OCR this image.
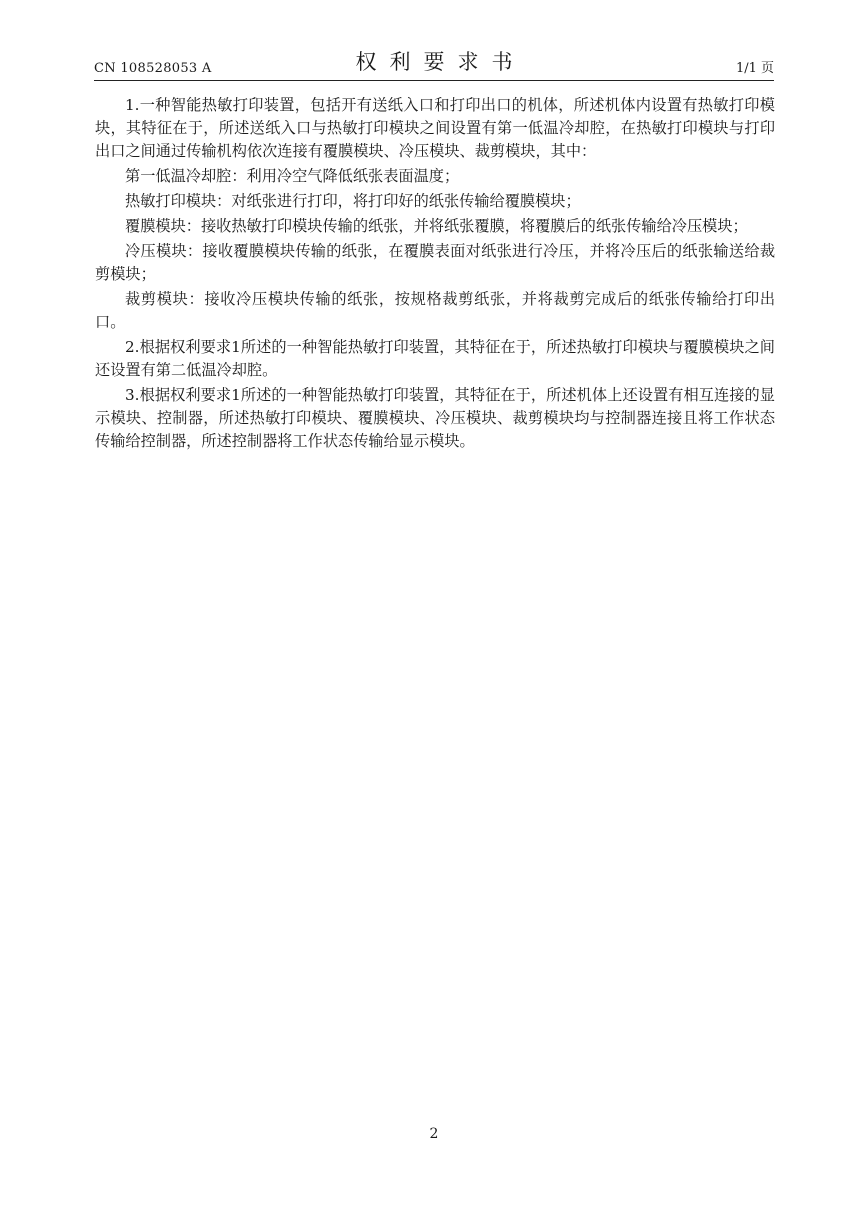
CN 108528053 A	权利要求书	1/1 页

1.一种智能热敏打印装置，包括开有送纸入口和打印出口的机体，所述机体内设置有热敏打印模块，其特征在于，所述送纸入口与热敏打印模块之间设置有第一低温冷却腔，在热敏打印模块与打印出口之间通过传输机构依次连接有覆膜模块、冷压模块、裁剪模块，其中：

第一低温冷却腔：利用冷空气降低纸张表面温度；

热敏打印模块：对纸张进行打印，将打印好的纸张传输给覆膜模块；

覆膜模块：接收热敏打印模块传输的纸张，并将纸张覆膜，将覆膜后的纸张传输给冷压模块；

冷压模块：接收覆膜模块传输的纸张，在覆膜表面对纸张进行冷压，并将冷压后的纸张输送给裁剪模块；

裁剪模块：接收冷压模块传输的纸张，按规格裁剪纸张，并将裁剪完成后的纸张传输给打印出口。

2.根据权利要求1所述的一种智能热敏打印装置，其特征在于，所述热敏打印模块与覆膜模块之间还设置有第二低温冷却腔。

3.根据权利要求1所述的一种智能热敏打印装置，其特征在于，所述机体上还设置有相互连接的显示模块、控制器，所述热敏打印模块、覆膜模块、冷压模块、裁剪模块均与控制器连接且将工作状态传输给控制器，所述控制器将工作状态传输给显示模块。

2
